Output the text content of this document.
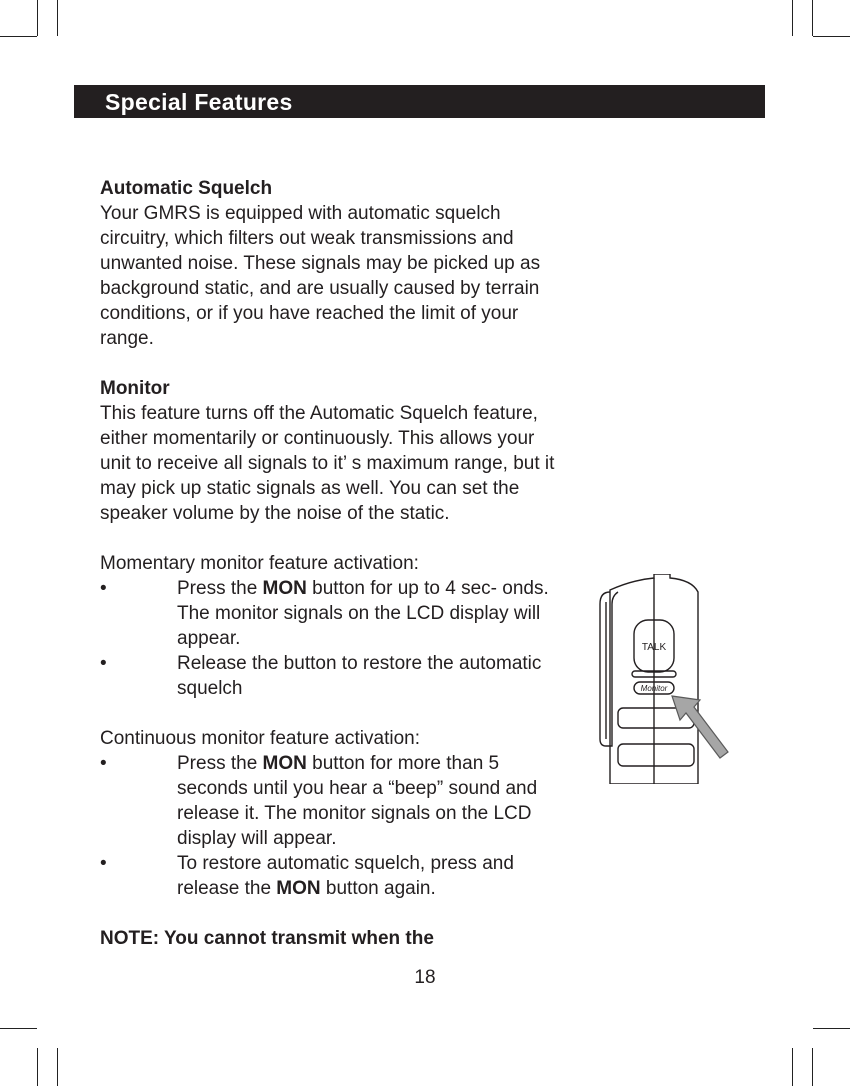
Special Features

Automatic Squelch

Your GMRS is equipped with automatic squelch circuitry, which filters out weak transmissions and unwanted noise. These signals may be picked up as background static, and are usually caused by terrain conditions, or if you have reached the limit of your range.

Monitor

This feature turns off the Automatic Squelch feature, either momentarily or continuously. This allows your unit to receive all signals to it’ s maximum range, but it may pick up static signals as well. You can set the speaker volume by the noise of the static.

Momentary monitor feature activation:

•	Press the MON button for up to 4 sec- onds. The monitor signals on the LCD display will appear.

•	Release the button to restore the automatic squelch

Continuous monitor feature activation:

•	Press the MON button for more than 5 seconds until you hear a “beep” sound and release it. The monitor signals on the LCD display will appear.

•	To restore automatic squelch, press and release the MON button again.

NOTE: You cannot transmit when the

TALK
Monitor
18
